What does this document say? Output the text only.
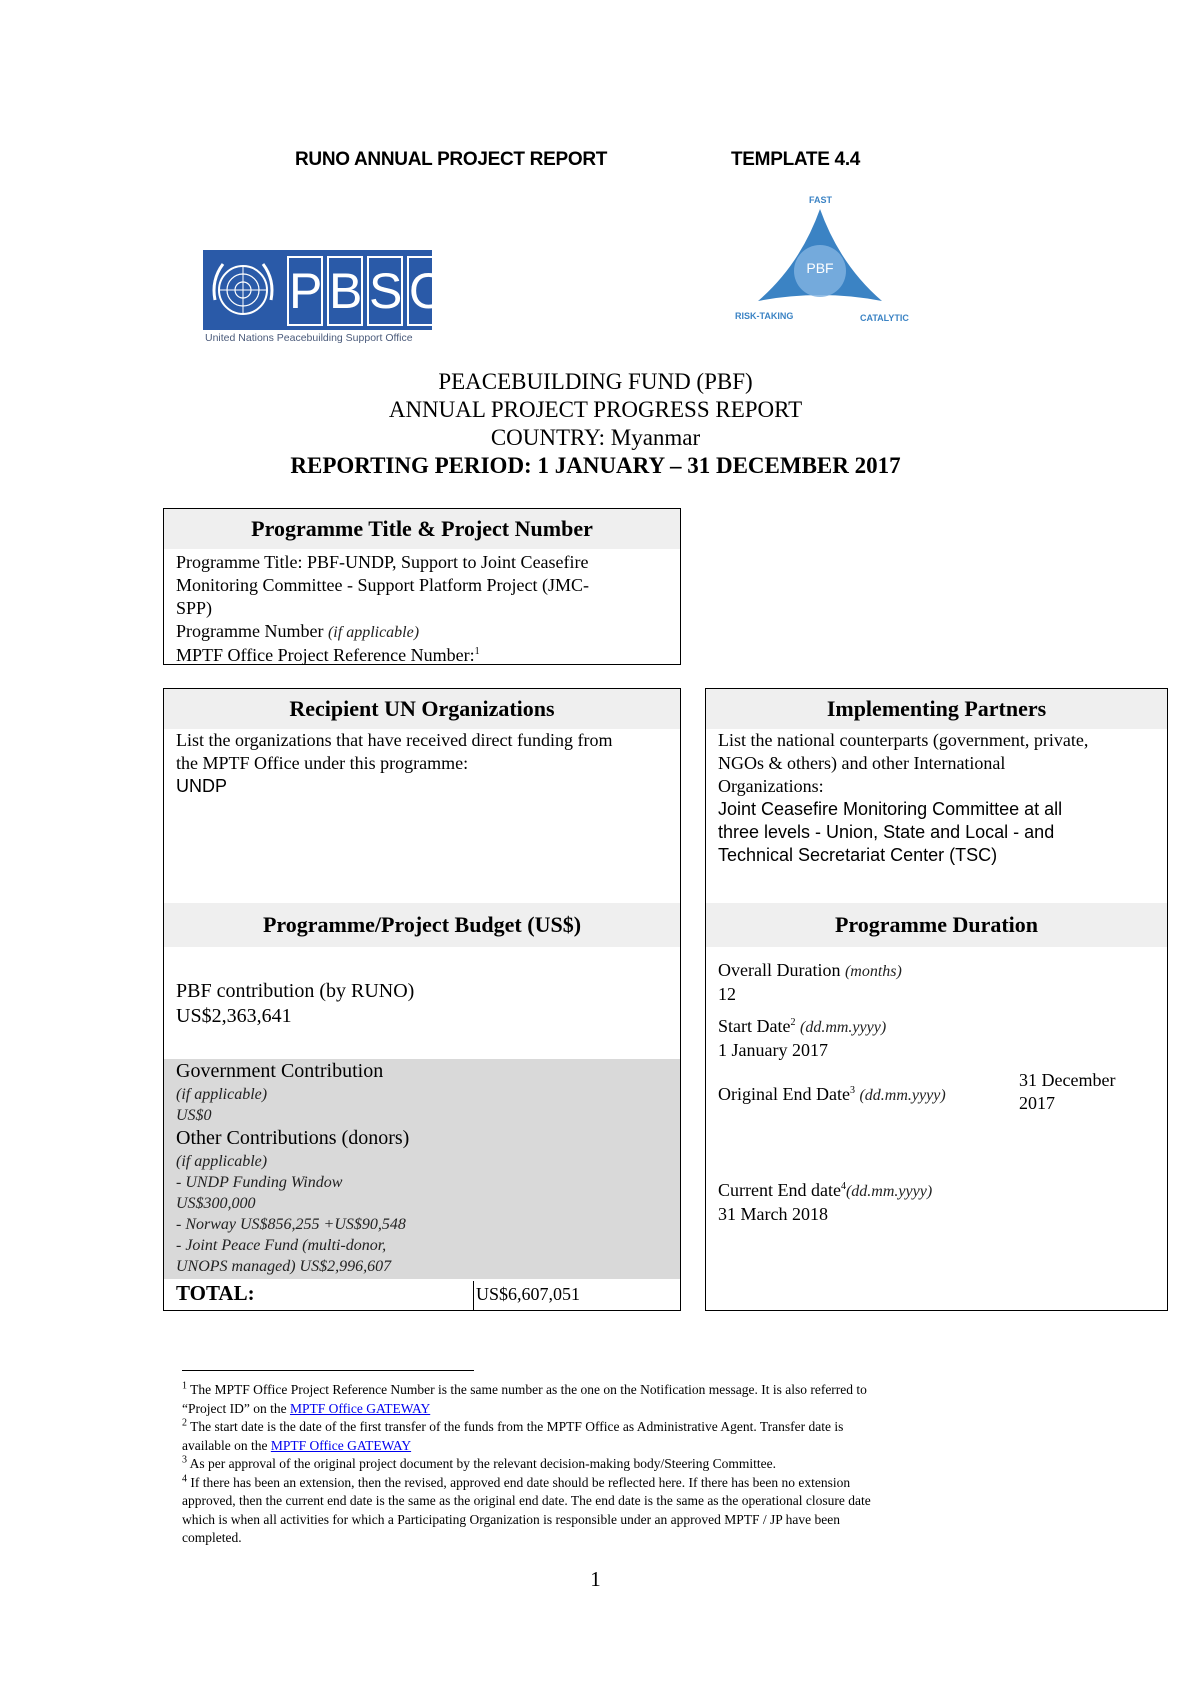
RUNO ANNUAL PROJECT REPORT	TEMPLATE 4.4
P B S O
United Nations Peacebuilding Support Office
FAST
PBF
RISK-TAKING	CATALYTIC
PEACEBUILDING FUND (PBF)
ANNUAL PROJECT PROGRESS REPORT
COUNTRY: Myanmar
REPORTING PERIOD: 1 JANUARY – 31 DECEMBER 2017
Programme Title & Project Number
Programme Title: PBF-UNDP, Support to Joint Ceasefire
Monitoring Committee - Support Platform Project (JMC-
SPP)
Programme Number (if applicable)
MPTF Office Project Reference Number:$^1$
Recipient UN Organizations
List the organizations that have received direct funding from
the MPTF Office under this programme:
UNDP
Implementing Partners
List the national counterparts (government, private,
NGOs & others) and other International
Organizations:
Joint Ceasefire Monitoring Committee at all
three levels - Union, State and Local - and
Technical Secretariat Center (TSC)
Programme/Project Budget (US$)
PBF contribution (by RUNO)
US$2,363,641
Government Contribution
(if applicable)
US$0
Other Contributions (donors)
(if applicable)
- UNDP Funding Window
US$300,000
- Norway US$856,255 +US$90,548
- Joint Peace Fund (multi-donor,
UNOPS managed) US$2,996,607
TOTAL:	US$6,607,051
Programme Duration
Overall Duration (months)
12
Start Date$^2$ (dd.mm.yyyy)
1 January 2017
Original End Date$^3$ (dd.mm.yyyy)
31 December
2017
Current End date$^4$(dd.mm.yyyy)
31 March 2018
$^1$ The MPTF Office Project Reference Number is the same number as the one on the Notification message. It is also referred to
“Project ID” on the MPTF Office GATEWAY
$^2$ The start date is the date of the first transfer of the funds from the MPTF Office as Administrative Agent. Transfer date is
available on the MPTF Office GATEWAY
$^3$ As per approval of the original project document by the relevant decision-making body/Steering Committee.
$^4$ If there has been an extension, then the revised, approved end date should be reflected here. If there has been no extension
approved, then the current end date is the same as the original end date. The end date is the same as the operational closure date
which is when all activities for which a Participating Organization is responsible under an approved MPTF / JP have been
completed.
1
